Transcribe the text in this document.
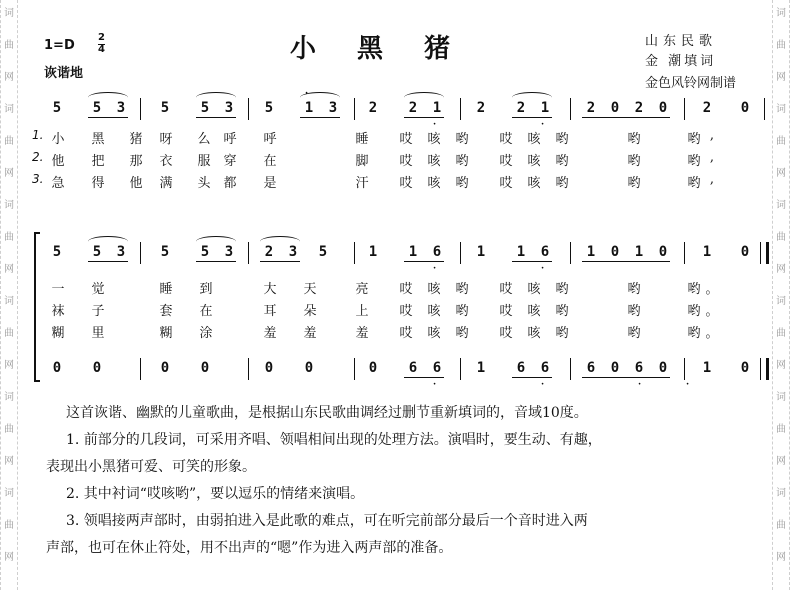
词
曲
网
词
曲
网
词
曲
网
词
曲
网
词
曲
网
词
曲
网
词
曲
网
词
曲
网
词
曲
网
词
曲
网
词
曲
网
词
曲
网
小 黑 猪
1=D
2
4
诙谐地
山东民歌
金 潮填词
金色风铃网制谱
5 5 3	5 5 3 5 1 3 2 2 1	2 2 1	2 0 2 0	2 0
·
·	·
1. 小 黑 猪 呀 么 呼 呼	睡 哎 咳 哟 哎 咳 哟	哟	哟 ,
2. 他 把 那 衣 服 穿 在	脚 哎 咳 哟 哎 咳 哟	哟	哟 ,
3. 急 得 他 满 头 都 是	汗 哎 咳 哟 哎 咳 哟	哟	哟 ,
5 5 3	5 5 3 2 3 5	1 1 6	1 1 6	1 0 1 0	1 0
·	·
一 觉	睡 到	大 天	亮 哎 咳 哟 哎 咳 哟	哟	哟 。
袜 子	套 在	耳 朵	上 哎 咳 哟 哎 咳 哟	哟	哟 。
糊 里	糊 涂	羞 羞	羞 哎 咳 哟 哎 咳 哟	哟	哟 。
0 0	0 0	0 0	0 6 6	1 6 6	6 0 6 0	1 0
·	·	·	·
这首诙谐、幽默的儿童歌曲，是根据山东民歌曲调经过删节重新填词的，音域10度。
1. 前部分的几段词，可采用齐唱、领唱相间出现的处理方法。演唱时，要生动、有趣，
表现出小黑猪可爱、可笑的形象。
2. 其中衬词“哎咳哟”，要以逗乐的情绪来演唱。
3. 领唱接两声部时，由弱拍进入是此歌的难点，可在听完前部分最后一个音时进入两
声部，也可在休止符处，用不出声的“嗯”作为进入两声部的准备。
